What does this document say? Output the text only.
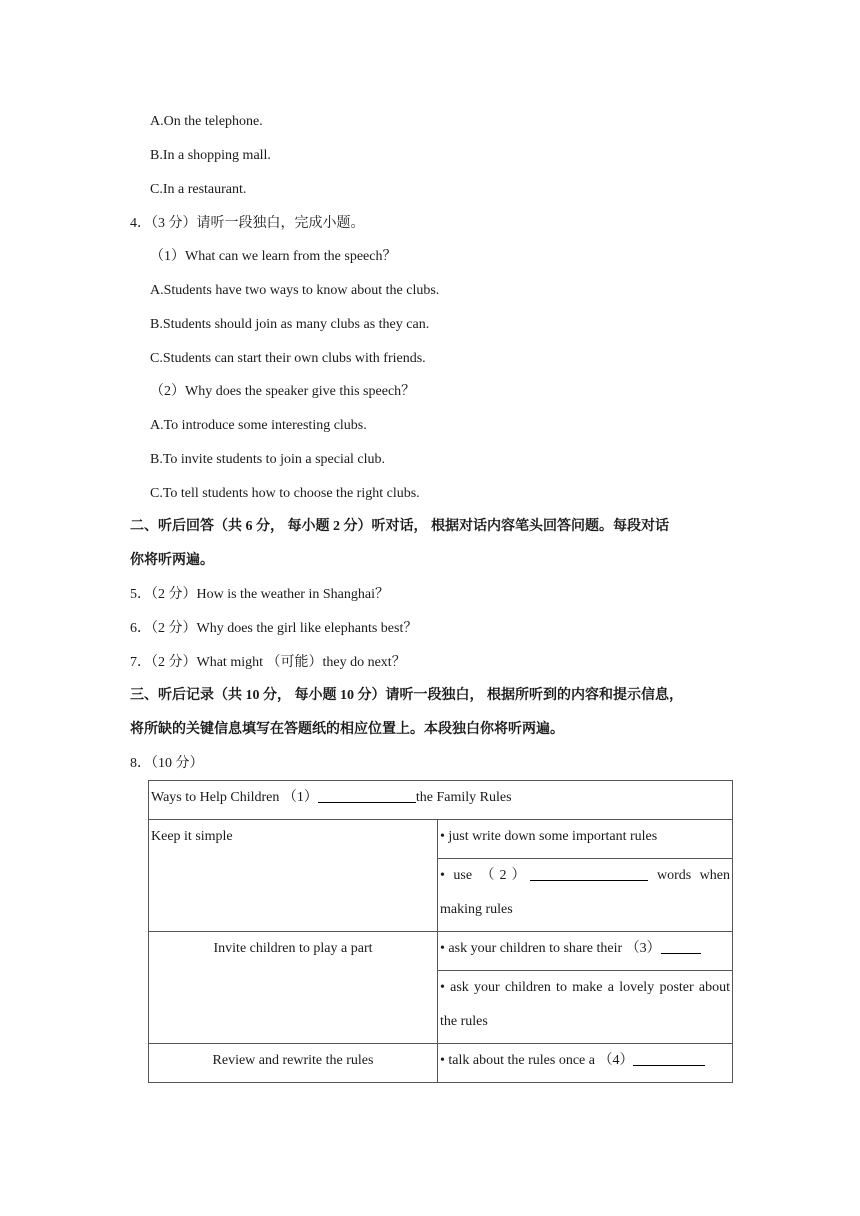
A.On the telephone.
B.In a shopping mall.
C.In a restaurant.
4．（3 分）请听一段独白，完成小题。
（1）What can we learn from the speech？
A.Students have two ways to know about the clubs.
B.Students should join as many clubs as they can.
C.Students can start their own clubs with friends.
（2）Why does the speaker give this speech？
A.To introduce some interesting clubs.
B.To invite students to join a special club.
C.To tell students how to choose the right clubs.
二、听后回答（共 6 分， 每小题 2 分）听对话， 根据对话内容笔头回答问题。每段对话
你将听两遍。
5．（2 分）How is the weather in Shanghai？
6．（2 分）Why does the girl like elephants best？
7．（2 分）What might （可能）they do next？
三、听后记录（共 10 分， 每小题 10 分）请听一段独白， 根据所听到的内容和提示信息，
将所缺的关键信息填写在答题纸的相应位置上。本段独白你将听两遍。
8．（10 分）
Ways to Help Children （1） the Family Rules	
Keep it simple	• just write down some important rules
	• use （2） words when making rules
Invite children to play a part	• ask your children to share their （3）
	• ask your children to make a lovely poster about the rules
Review and rewrite the rules	• talk about the rules once a （4）
